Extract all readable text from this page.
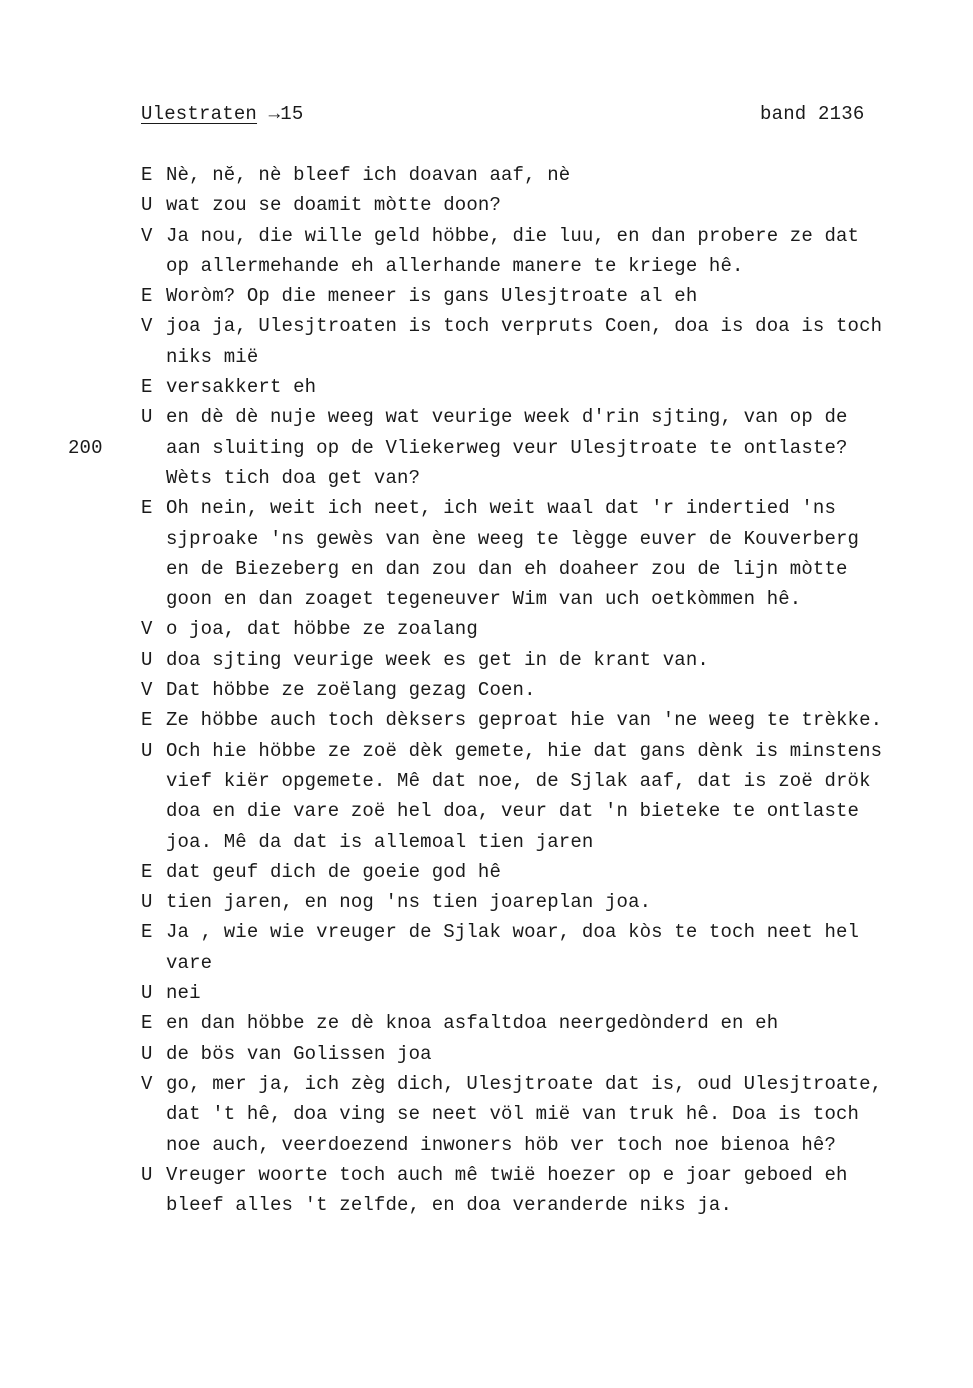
Ulestraten →15	band 2136
E Nè, nĕ, nè bleef ich doavan aaf, nè
U wat zou se doamit mòtte doon?
V Ja nou, die wille geld höbbe, die luu, en dan probere ze dat
op allermehande eh allerhande manere te kriege hê.
E Woròm? Op die meneer is gans Ulesjtroate al eh
V joa ja, Ulesjtroaten is toch verpruts Coen, doa is doa is toch
niks mië
E versakkert eh
U
200
en dè dè nuje weeg wat veurige week d'rin sjting, van op de
aan sluiting op de Vliekerweg veur Ulesjtroate te ontlaste?
Wèts tich doa get van?
E Oh nein, weit ich neet, ich weit waal dat 'r indertied 'ns
sjproake 'ns gewès van ène weeg te lègge euver de Kouverberg
en de Biezeberg en dan zou dan eh doaheer zou de lijn mòtte
goon en dan zoaget tegeneuver Wim van uch oetkòmmen hê.
V o joa, dat höbbe ze zoalang
U doa sjting veurige week es get in de krant van.
V Dat höbbe ze zoëlang gezag Coen.
E Ze höbbe auch toch dèksers geproat hie van 'ne weeg te trèkke.
U Och hie höbbe ze zoë dèk gemete, hie dat gans dènk is minstens
vief kiër opgemete. Mê dat noe, de Sjlak aaf, dat is zoë drök
doa en die vare zoë hel doa, veur dat 'n bieteke te ontlaste
joa. Mê da dat is allemoal tien jaren
E dat geuf dich de goeie god hê
U tien jaren, en nog 'ns tien joareplan joa.
E Ja , wie wie vreuger de Sjlak woar, doa kòs te toch neet hel
vare
U nei
E en dan höbbe ze dè knoa asfaltdoa neergedònderd en eh
U de bös van Golissen joa
V go, mer ja, ich zèg dich, Ulesjtroate dat is, oud Ulesjtroate,
dat 't hê, doa ving se neet völ mië van truk hê. Doa is toch
noe auch, veerdoezend inwoners höb ver toch noe bienoa hê?
U Vreuger woorte toch auch mê twië hoezer op e joar geboed eh
bleef alles 't zelfde, en doa veranderde niks ja.
